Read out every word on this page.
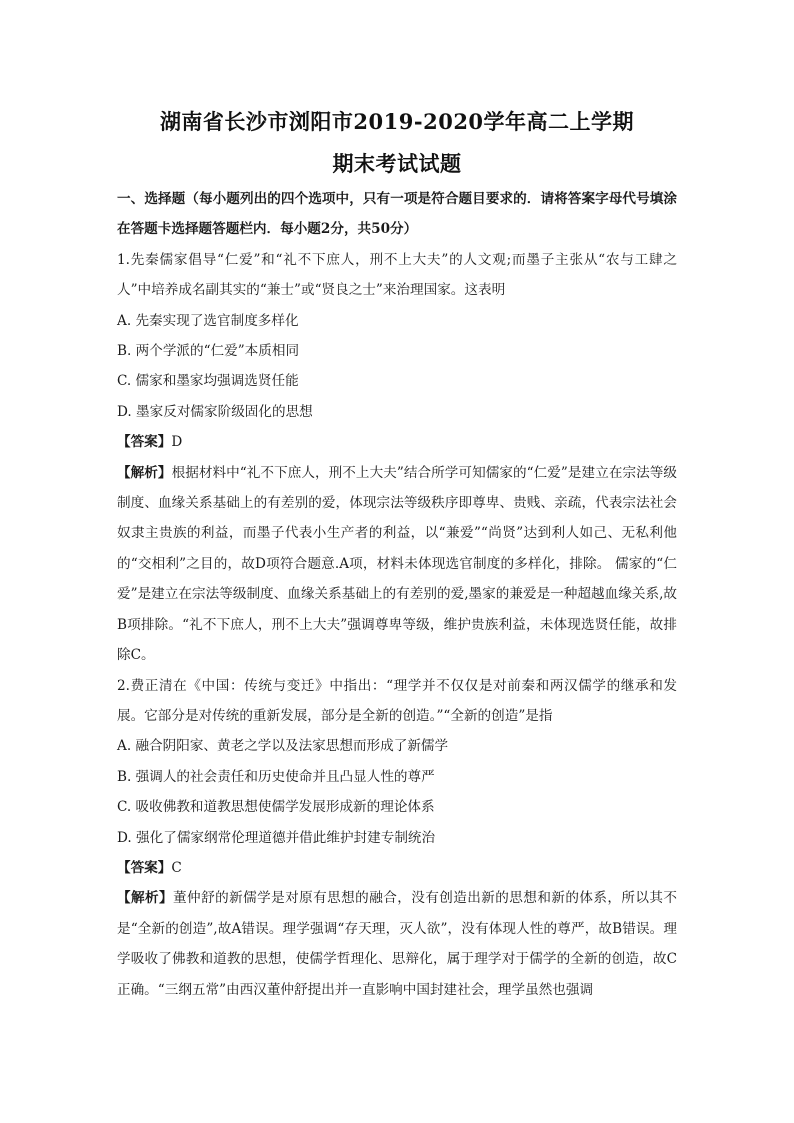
湖南省长沙市浏阳市2019-2020学年高二上学期
期末考试试题
一、选择题（每小题列出的四个选项中，只有一项是符合题目要求的．请将答案字母代号填涂在答题卡选择题答题栏内．每小题2分，共50分）

1.先秦儒家倡导“仁爱”和“礼不下庶人，刑不上大夫”的人文观;而墨子主张从“农与工肆之人”中培养成名副其实的“兼士”或“贤良之士”来治理国家。这表明

A. 先秦实现了选官制度多样化

B. 两个学派的“仁爱”本质相同

C. 儒家和墨家均强调选贤任能

D. 墨家反对儒家阶级固化的思想

【答案】D

【解析】根据材料中“礼不下庶人，刑不上大夫”结合所学可知儒家的“仁爱”是建立在宗法等级制度、血缘关系基础上的有差别的爱，体现宗法等级秩序即尊卑、贵贱、亲疏，代表宗法社会奴隶主贵族的利益，而墨子代表小生产者的利益，以“兼爱”“尚贤”达到利人如己、无私利他的“交相利”之目的，故D项符合题意.A项，材料未体现选官制度的多样化，排除。 儒家的“仁爱”是建立在宗法等级制度、血缘关系基础上的有差别的爱,墨家的兼爱是一种超越血缘关系,故B项排除。“礼不下庶人，刑不上大夫”强调尊卑等级，维护贵族利益，未体现选贤任能，故排除C。

2.费正清在《中国：传统与变迁》中指出：“理学并不仅仅是对前秦和两汉儒学的继承和发展。它部分是对传统的重新发展，部分是全新的创造。”“全新的创造”是指

A. 融合阴阳家、黄老之学以及法家思想而形成了新儒学

B. 强调人的社会责任和历史使命并且凸显人性的尊严

C. 吸收佛教和道教思想使儒学发展形成新的理论体系

D. 强化了儒家纲常伦理道德并借此维护封建专制统治

【答案】C

【解析】董仲舒的新儒学是对原有思想的融合，没有创造出新的思想和新的体系，所以其不是“全新的创造”,故A错误。理学强调“存天理，灭人欲”，没有体现人性的尊严，故B错误。理学吸收了佛教和道教的思想，使儒学哲理化、思辩化，属于理学对于儒学的全新的创造，故C正确。“三纲五常”由西汉董仲舒提出并一直影响中国封建社会，理学虽然也强调
